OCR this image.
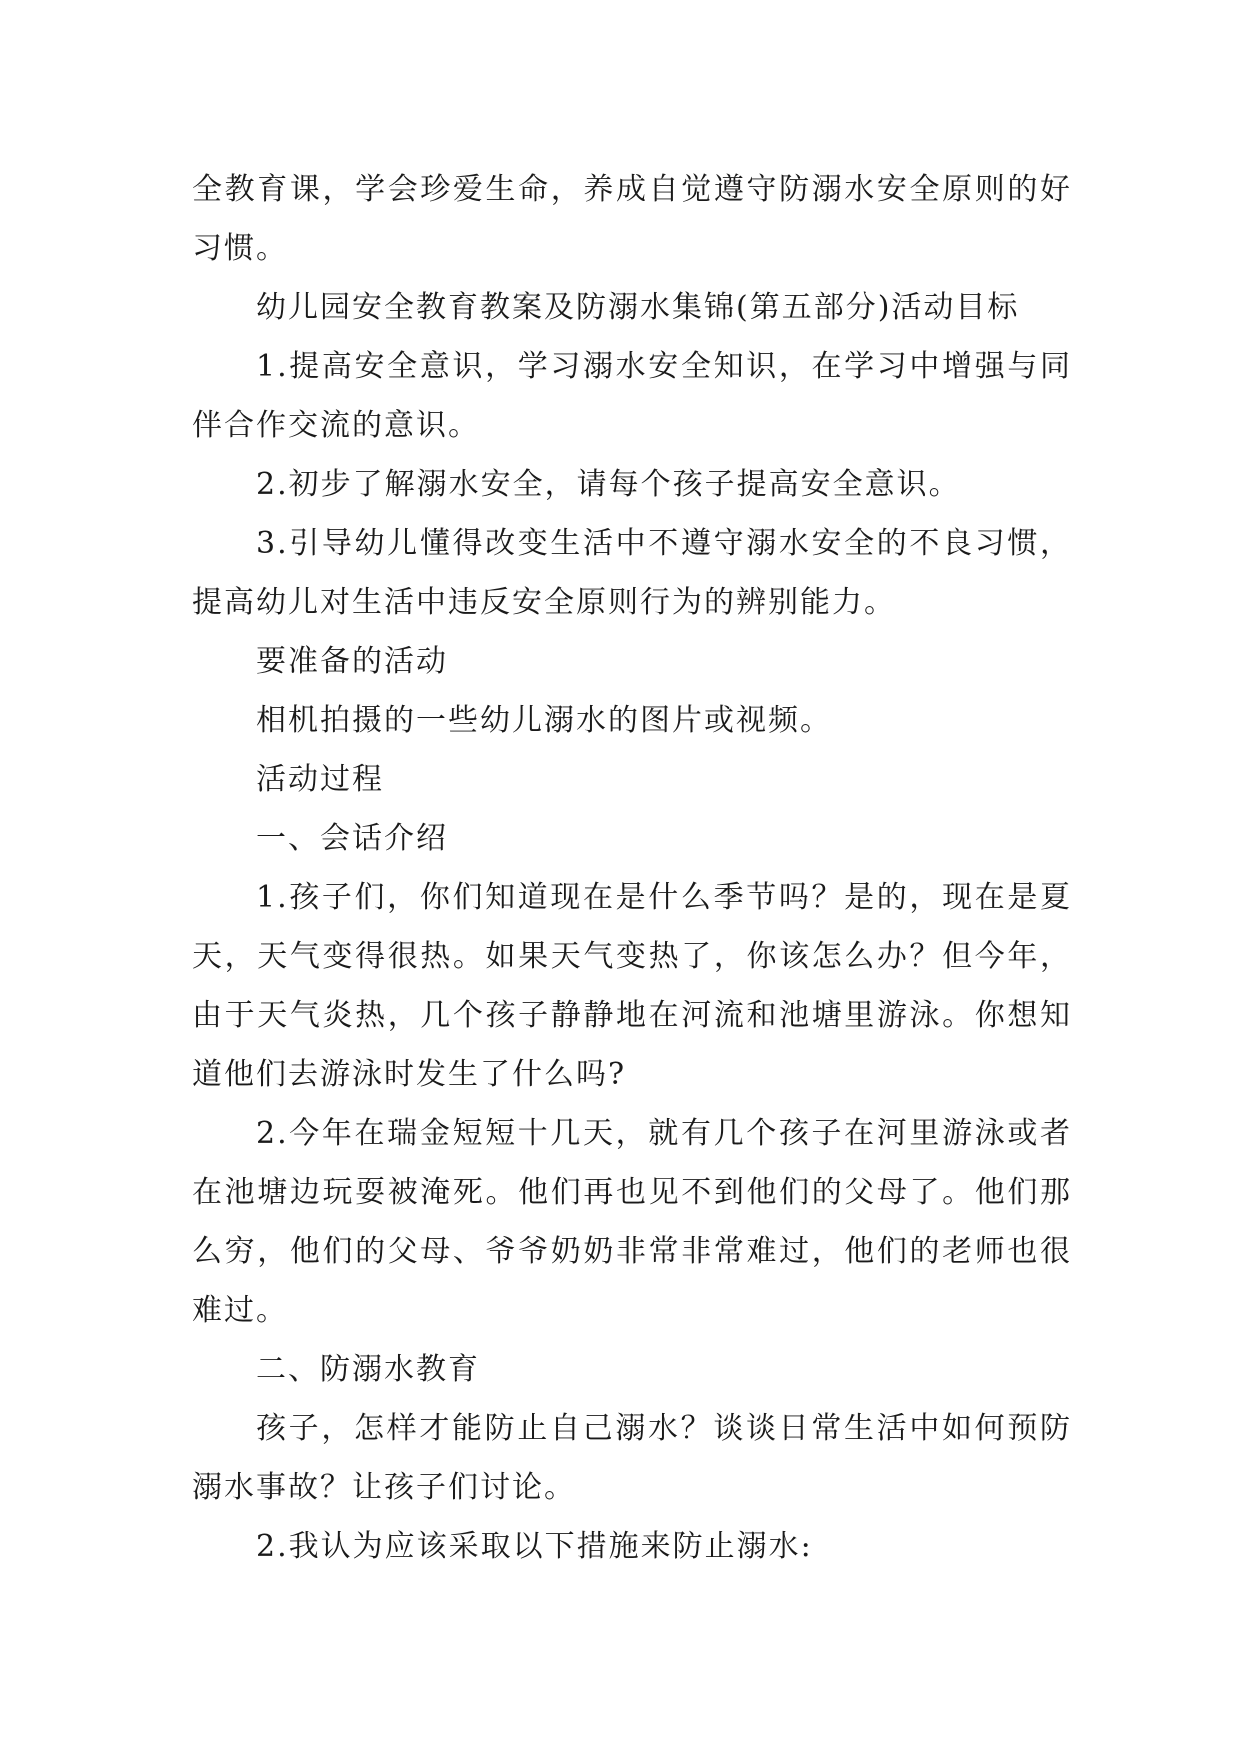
全教育课，学会珍爱生命，养成自觉遵守防溺水安全原则的好习惯。

幼儿园安全教育教案及防溺水集锦(第五部分)活动目标

1.提高安全意识，学习溺水安全知识，在学习中增强与同伴合作交流的意识。

2.初步了解溺水安全，请每个孩子提高安全意识。

3.引导幼儿懂得改变生活中不遵守溺水安全的不良习惯，提高幼儿对生活中违反安全原则行为的辨别能力。

要准备的活动

相机拍摄的一些幼儿溺水的图片或视频。

活动过程

一、会话介绍

1.孩子们，你们知道现在是什么季节吗？是的，现在是夏天，天气变得很热。如果天气变热了，你该怎么办？但今年，由于天气炎热，几个孩子静静地在河流和池塘里游泳。你想知道他们去游泳时发生了什么吗?

2.今年在瑞金短短十几天，就有几个孩子在河里游泳或者在池塘边玩耍被淹死。他们再也见不到他们的父母了。他们那么穷，他们的父母、爷爷奶奶非常非常难过，他们的老师也很难过。

二、防溺水教育

孩子，怎样才能防止自己溺水？谈谈日常生活中如何预防溺水事故？让孩子们讨论。

2.我认为应该采取以下措施来防止溺水:
